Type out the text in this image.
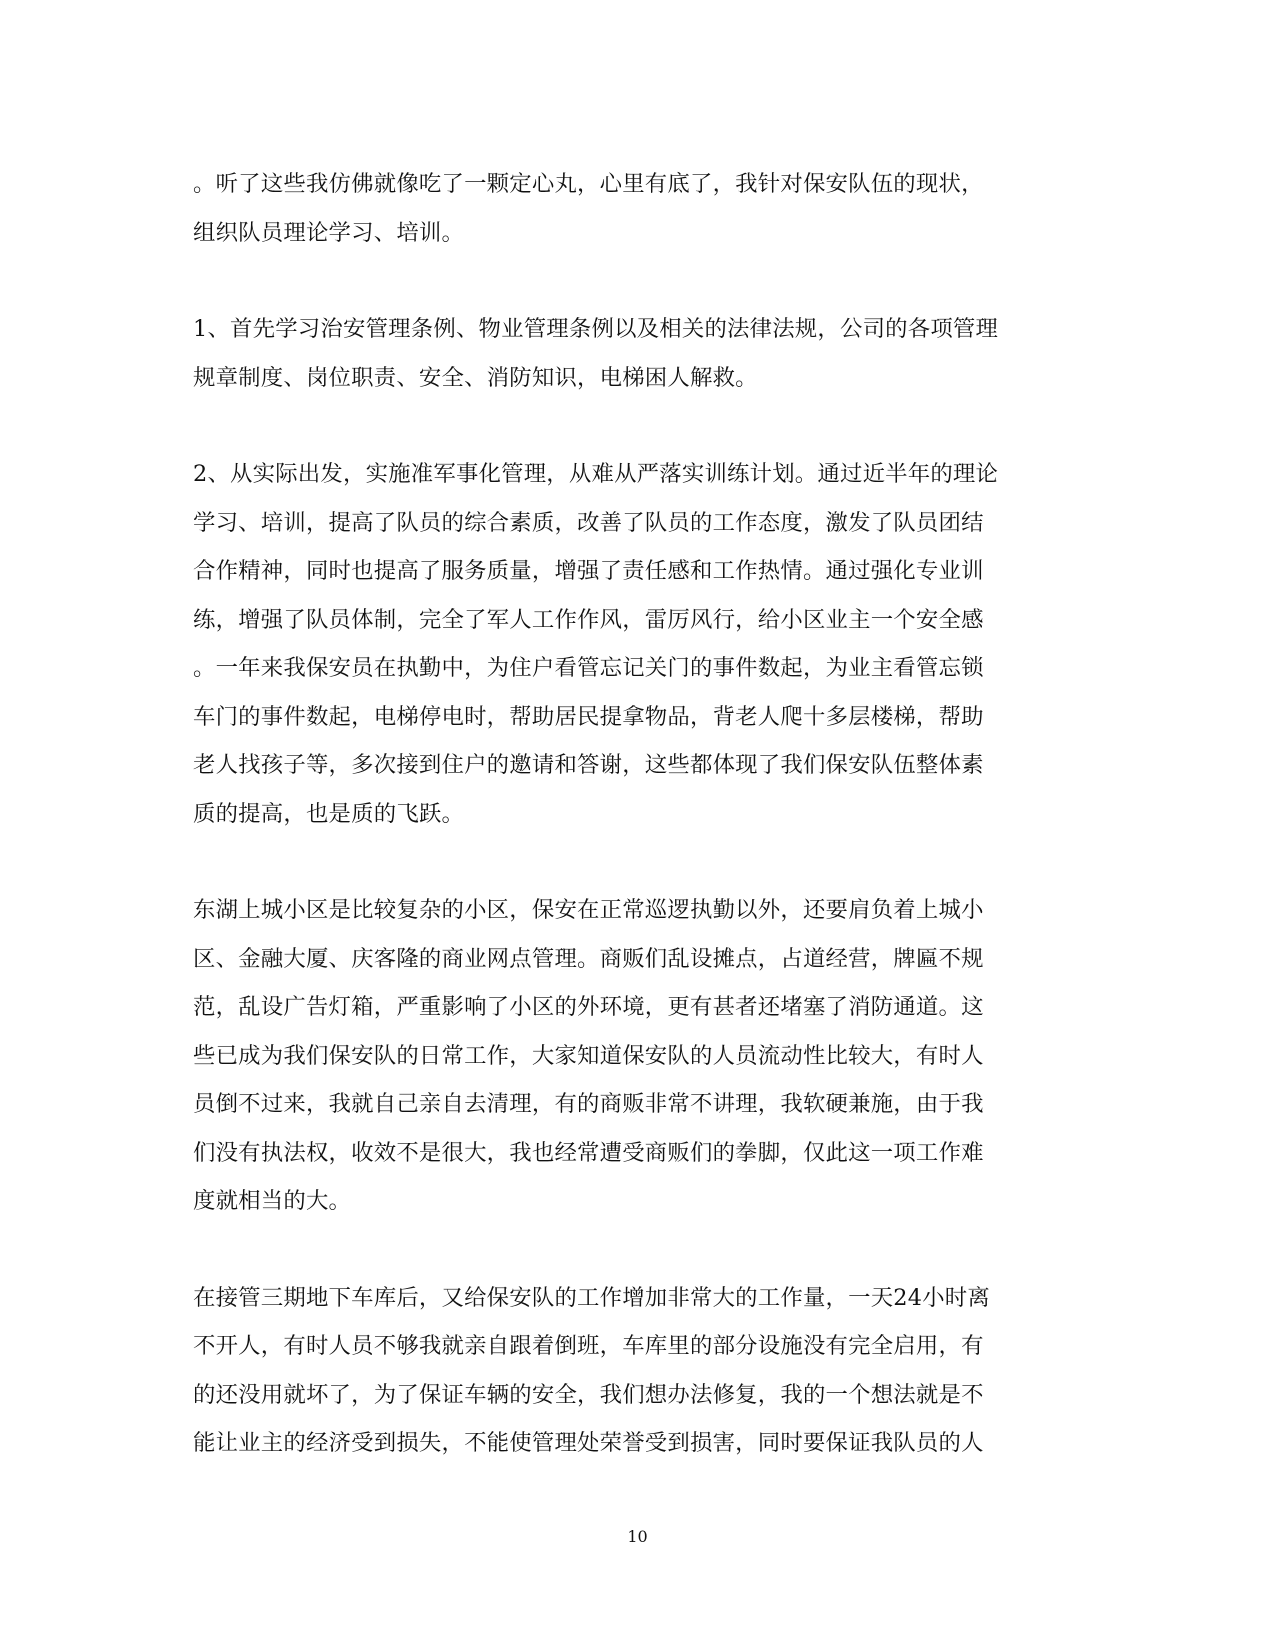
。听了这些我仿佛就像吃了一颗定心丸，心里有底了，我针对保安队伍的现状，
组织队员理论学习、培训。

1、首先学习治安管理条例、物业管理条例以及相关的法律法规，公司的各项管理
规章制度、岗位职责、安全、消防知识，电梯困人解救。

2、从实际出发，实施准军事化管理，从难从严落实训练计划。通过近半年的理论
学习、培训，提高了队员的综合素质，改善了队员的工作态度，激发了队员团结
合作精神，同时也提高了服务质量，增强了责任感和工作热情。通过强化专业训
练，增强了队员体制，完全了军人工作作风，雷厉风行，给小区业主一个安全感
。一年来我保安员在执勤中，为住户看管忘记关门的事件数起，为业主看管忘锁
车门的事件数起，电梯停电时，帮助居民提拿物品，背老人爬十多层楼梯，帮助
老人找孩子等，多次接到住户的邀请和答谢，这些都体现了我们保安队伍整体素
质的提高，也是质的飞跃。

东湖上城小区是比较复杂的小区，保安在正常巡逻执勤以外，还要肩负着上城小
区、金融大厦、庆客隆的商业网点管理。商贩们乱设摊点，占道经营，牌匾不规
范，乱设广告灯箱，严重影响了小区的外环境，更有甚者还堵塞了消防通道。这
些已成为我们保安队的日常工作，大家知道保安队的人员流动性比较大，有时人
员倒不过来，我就自己亲自去清理，有的商贩非常不讲理，我软硬兼施，由于我
们没有执法权，收效不是很大，我也经常遭受商贩们的拳脚，仅此这一项工作难
度就相当的大。

在接管三期地下车库后，又给保安队的工作增加非常大的工作量，一天24小时离
不开人，有时人员不够我就亲自跟着倒班，车库里的部分设施没有完全启用，有
的还没用就坏了，为了保证车辆的安全，我们想办法修复，我的一个想法就是不
能让业主的经济受到损失，不能使管理处荣誉受到损害，同时要保证我队员的人

10
